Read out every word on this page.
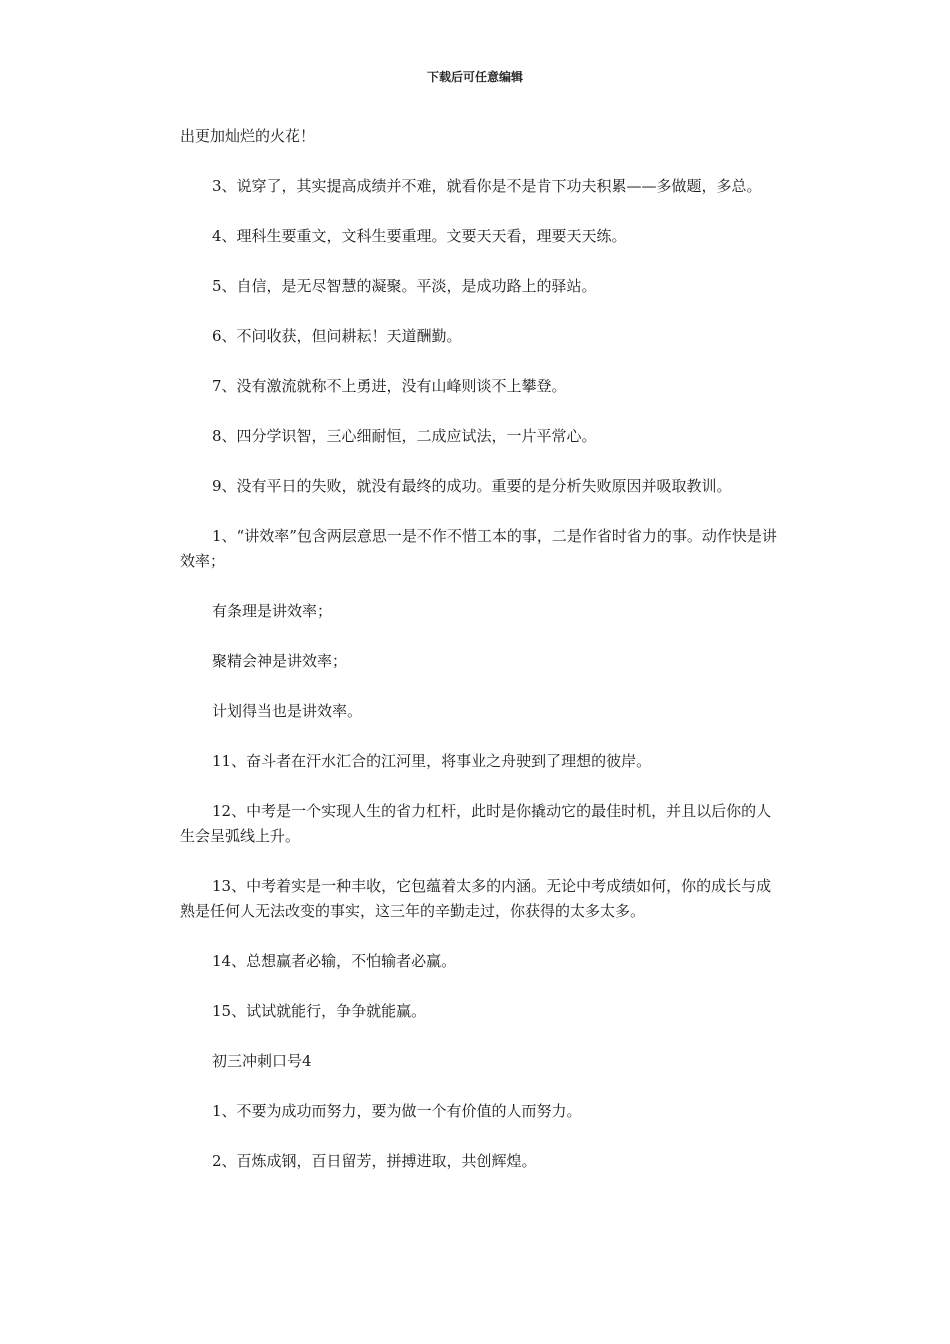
下载后可任意编辑

出更加灿烂的火花！

3、说穿了，其实提高成绩并不难，就看你是不是肯下功夫积累——多做题，多总。

4、理科生要重文，文科生要重理。文要天天看，理要天天练。

5、自信，是无尽智慧的凝聚。平淡，是成功路上的驿站。

6、不问收获，但问耕耘！天道酬勤。

7、没有激流就称不上勇进，没有山峰则谈不上攀登。

8、四分学识智，三心细耐恒，二成应试法，一片平常心。

9、没有平日的失败，就没有最终的成功。重要的是分析失败原因并吸取教训。

1、“讲效率”包含两层意思一是不作不惜工本的事，二是作省时省力的事。动作快是讲效率；

有条理是讲效率；

聚精会神是讲效率；

计划得当也是讲效率。

11、奋斗者在汗水汇合的江河里，将事业之舟驶到了理想的彼岸。

12、中考是一个实现人生的省力杠杆，此时是你撬动它的最佳时机，并且以后你的人生会呈弧线上升。

13、中考着实是一种丰收，它包蕴着太多的内涵。无论中考成绩如何，你的成长与成熟是任何人无法改变的事实，这三年的辛勤走过，你获得的太多太多。

14、总想赢者必输，不怕输者必赢。

15、试试就能行，争争就能赢。

初三冲刺口号4

1、不要为成功而努力，要为做一个有价值的人而努力。

2、百炼成钢，百日留芳，拼搏进取，共创辉煌。
